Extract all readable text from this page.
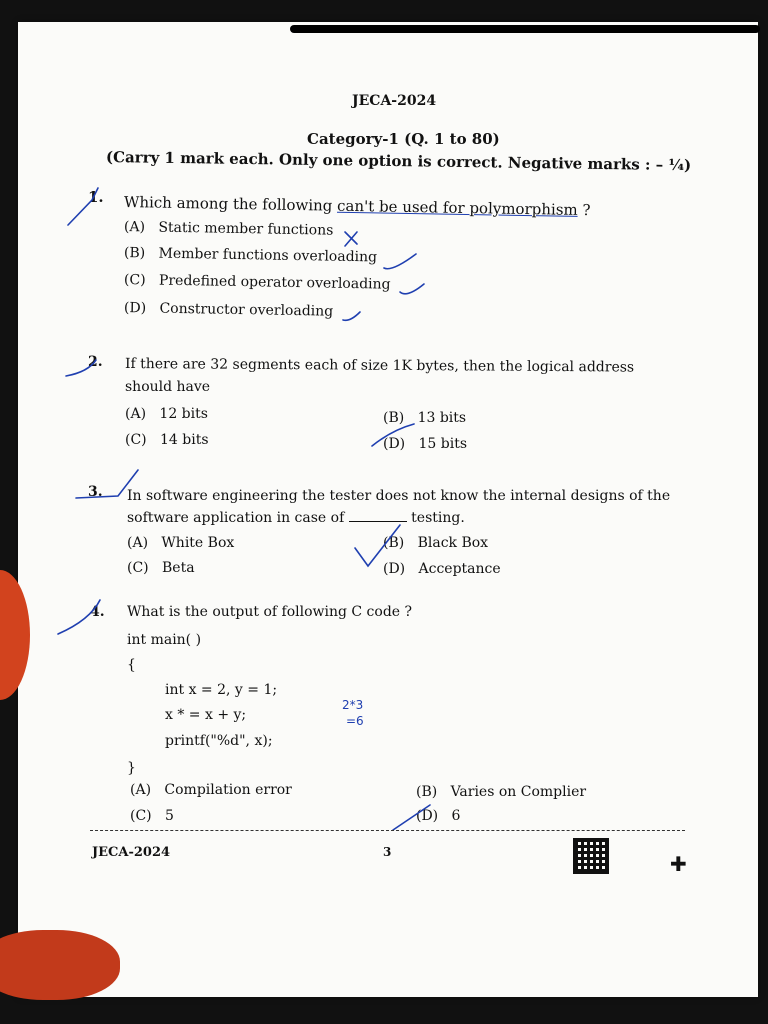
JECA-2024
Category-1 (Q. 1 to 80)
(Carry 1 mark each. Only one option is correct. Negative marks : – ¼)
1. Which among the following can't be used for polymorphism ?
(A) Static member functions
(B) Member functions overloading
(C) Predefined operator overloading
(D) Constructor overloading
2. If there are 32 segments each of size 1K bytes, then the logical address
should have
(A) 12 bits	(B) 13 bits
(C) 14 bits	(D) 15 bits
3. In software engineering the tester does not know the internal designs of the
software application in case of	testing.
(A) White Box	(B) Black Box
(C) Beta	(D) Acceptance
4. What is the output of following C code ?
int main( )
{
int x = 2, y = 1;
x * = x + y;
printf("%d", x);
}
(A) Compilation error	(B) Varies on Complier
(C) 5	(D) 6
2*3
=6
JECA-2024	3	✚
